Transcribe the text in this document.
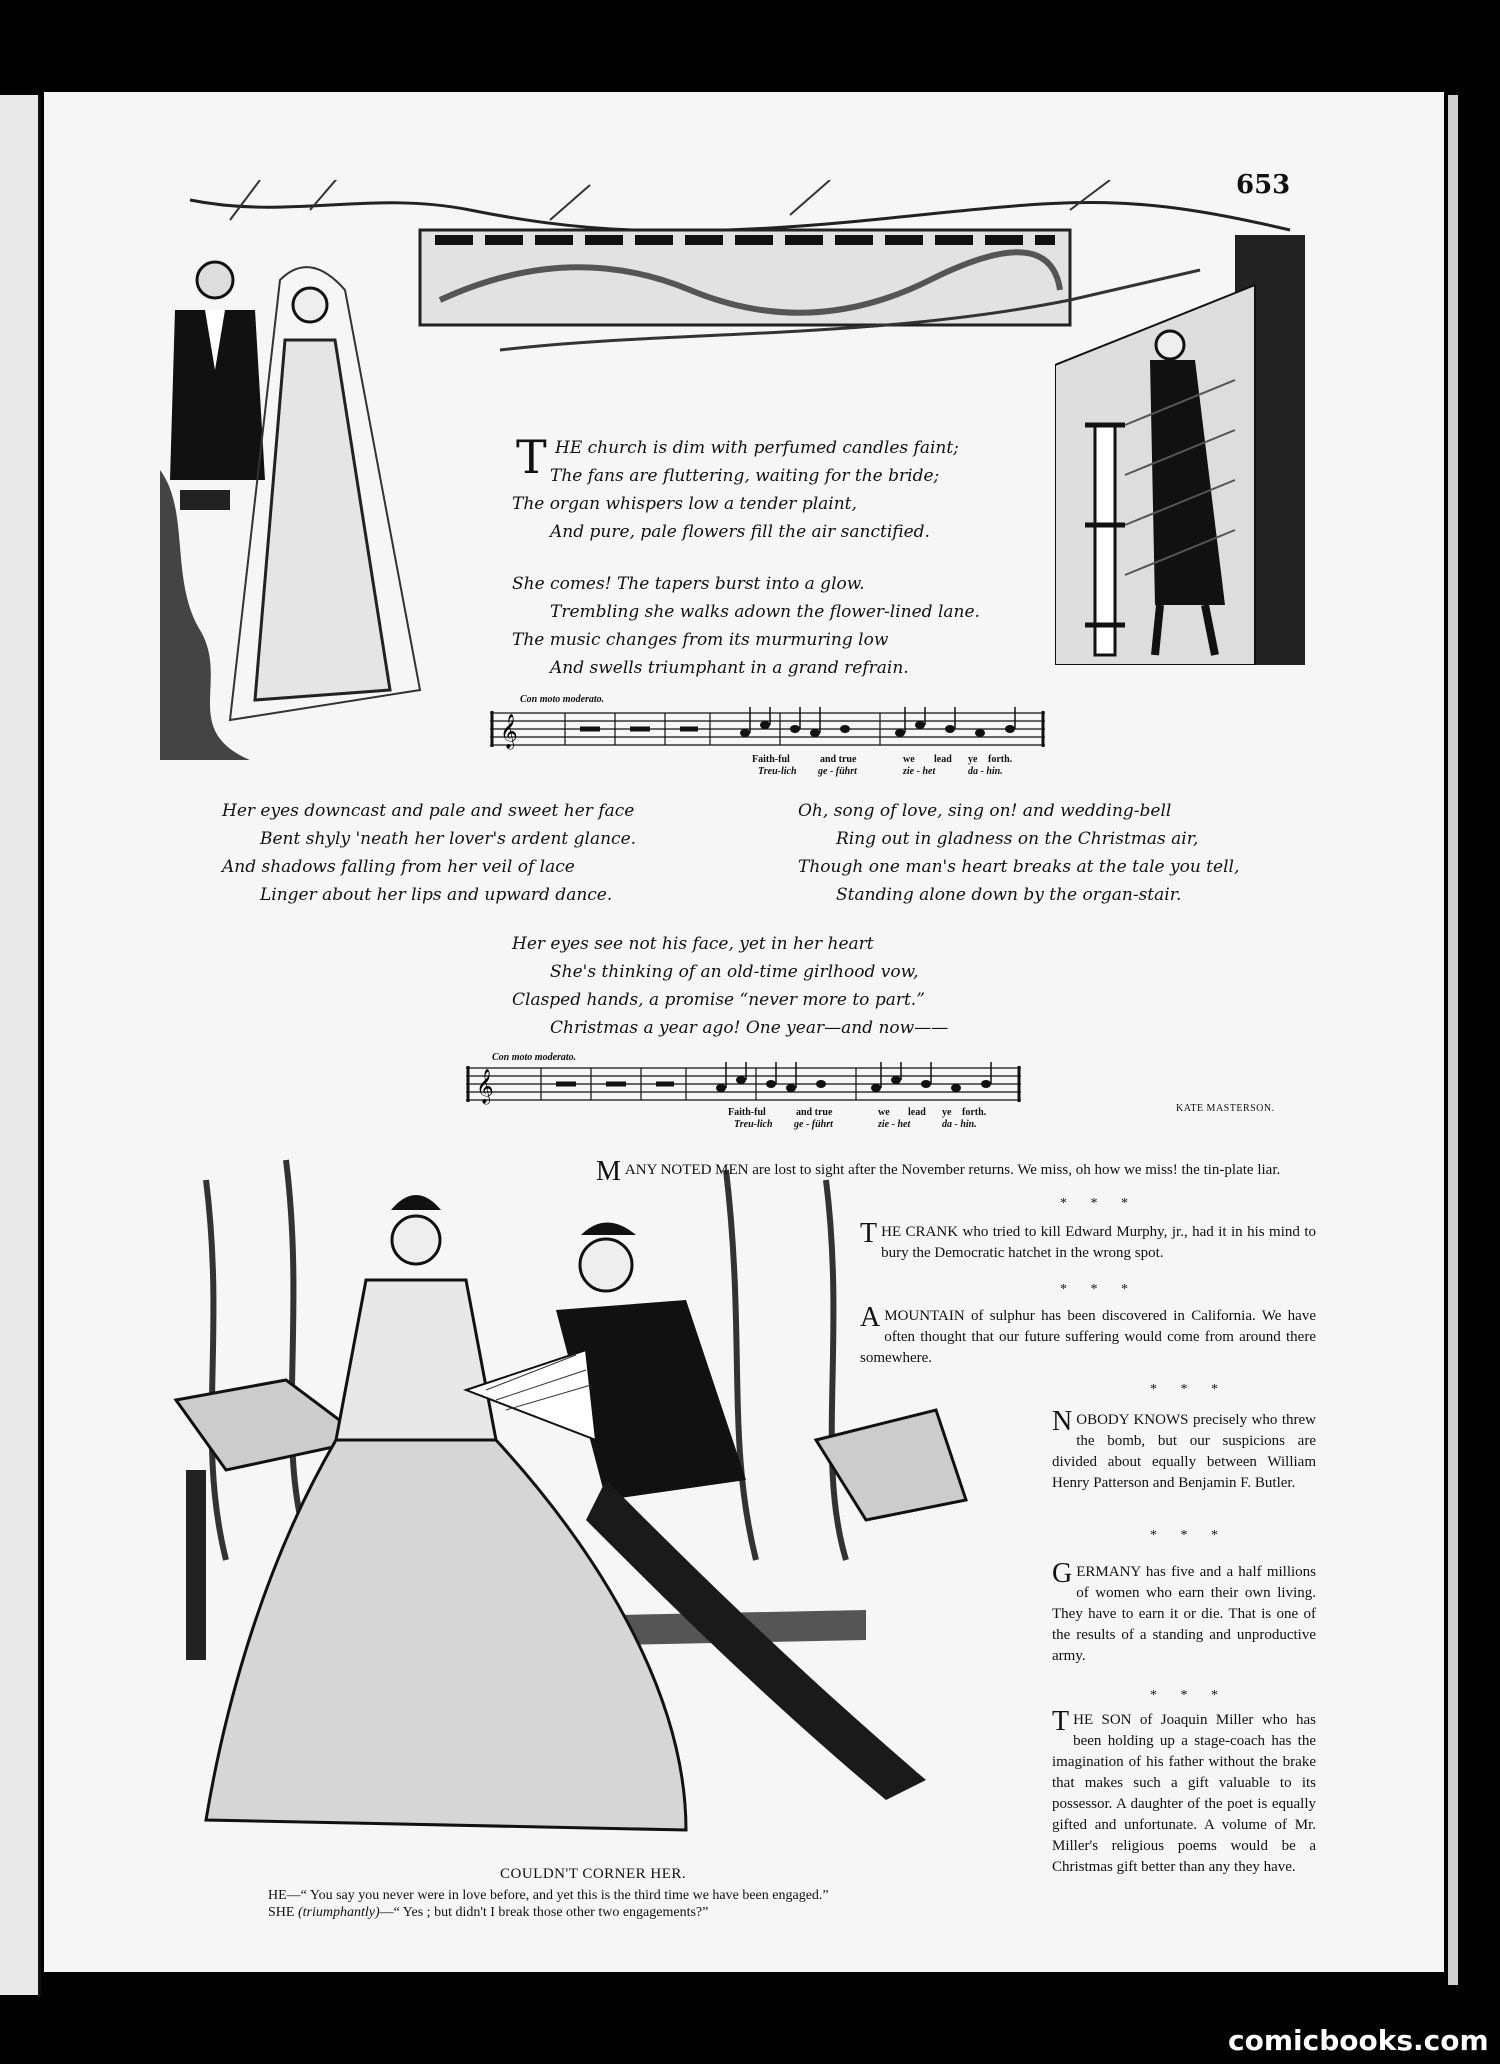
653
T HE church is dim with perfumed candles faint;
The fans are fluttering, waiting for the bride;
The organ whispers low a tender plaint,
And pure, pale flowers fill the air sanctified.
She comes! The tapers burst into a glow.
Trembling she walks adown the flower-lined lane.
The music changes from its murmuring low
And swells triumphant in a grand refrain.
Con moto moderato.
𝄞
Faith-ful	and true	we lead ye forth.
Treu-lich ge - führt	zie - het	da - hin.
Her eyes downcast and pale and sweet her face
Bent shyly 'neath her lover's ardent glance.
And shadows falling from her veil of lace
Linger about her lips and upward dance.
Oh, song of love, sing on! and wedding-bell
Ring out in gladness on the Christmas air,
Though one man's heart breaks at the tale you tell,
Standing alone down by the organ-stair.
Her eyes see not his face, yet in her heart
She's thinking of an old-time girlhood vow,
Clasped hands, a promise “never more to part.”
Christmas a year ago! One year—and now——
Con moto moderato.
𝄞
Faith-ful	and true	we lead ye forth.
Treu-lich ge - führt	zie - het	da - hin.
KATE MASTERSON.
MANY NOTED MEN are lost to sight after the November returns. We miss, oh how we miss! the tin-plate liar.
* * *
THE CRANK who tried to kill Edward Murphy, jr., had it in his mind to bury the Democratic hatchet in the wrong spot.
* * *
A MOUNTAIN of sulphur has been discovered in California. We have often thought that our future suffering would come from around there somewhere.
* * *
NOBODY KNOWS precisely who threw the bomb, but our suspicions are divided about equally between William Henry Patterson and Benjamin F. Butler.
* * *
GERMANY has five and a half millions of women who earn their own living. They have to earn it or die. That is one of the results of a standing and unproductive army.
* * *
THE SON of Joaquin Miller who has been holding up a stage-coach has the imagination of his father without the brake that makes such a gift valuable to its possessor. A daughter of the poet is equally gifted and unfortunate. A volume of Mr. Miller's religious poems would be a Christmas gift better than any they have.
COULDN'T CORNER HER.
HE—“ You say you never were in love before, and yet this is the third time we have been engaged.”
SHE (triumphantly)—“ Yes ; but didn't I break those other two engagements?”
comicbooks.com
